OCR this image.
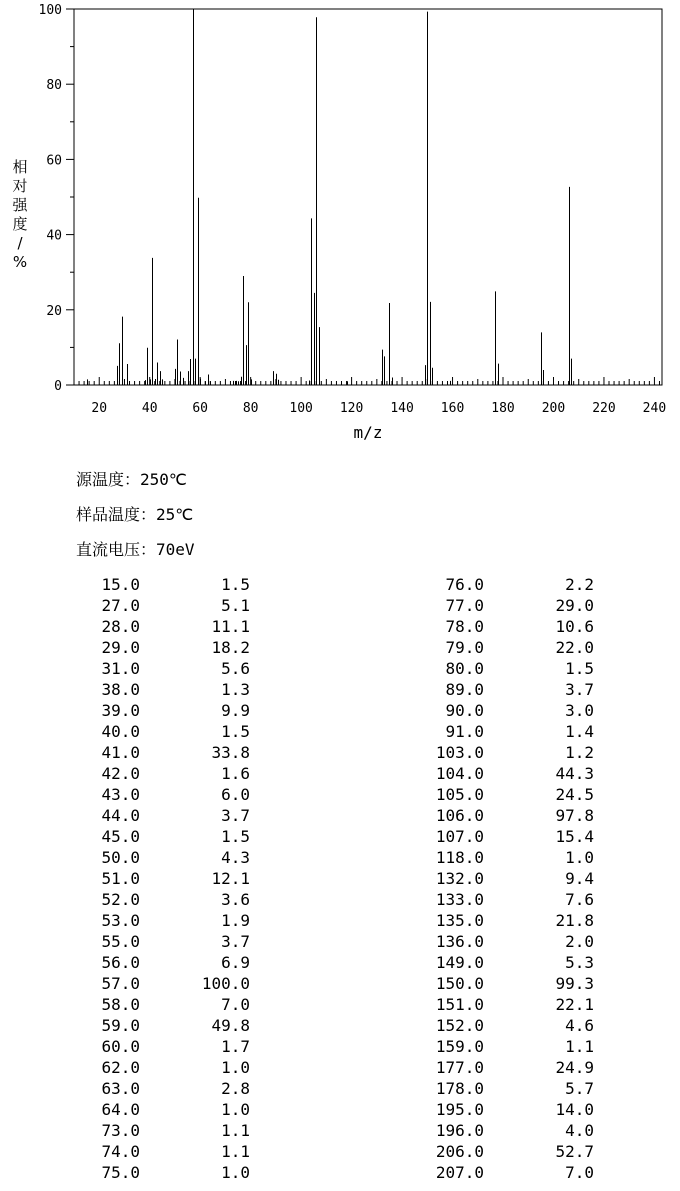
20	40	60	80 100 120 140 160 180 200 220 240
0
20
40
60
80
100
m/z
相
对
强
度
/
%
源温度：250℃
样品温度：25℃
直流电压：70eV
15.0	1.5
27.0	5.1
28.0	11.1
29.0	18.2
31.0	5.6
38.0	1.3
39.0	9.9
40.0	1.5
41.0	33.8
42.0	1.6
43.0	6.0
44.0	3.7
45.0	1.5
50.0	4.3
51.0	12.1
52.0	3.6
53.0	1.9
55.0	3.7
56.0	6.9
57.0	100.0
58.0	7.0
59.0	49.8
60.0	1.7
62.0	1.0
63.0	2.8
64.0	1.0
73.0	1.1
74.0	1.1
75.0	1.0
76.0	2.2
77.0	29.0
78.0	10.6
79.0	22.0
80.0	1.5
89.0	3.7
90.0	3.0
91.0	1.4
103.0	1.2
104.0	44.3
105.0	24.5
106.0	97.8
107.0	15.4
118.0	1.0
132.0	9.4
133.0	7.6
135.0	21.8
136.0	2.0
149.0	5.3
150.0	99.3
151.0	22.1
152.0	4.6
159.0	1.1
177.0	24.9
178.0	5.7
195.0	14.0
196.0	4.0
206.0	52.7
207.0	7.0
